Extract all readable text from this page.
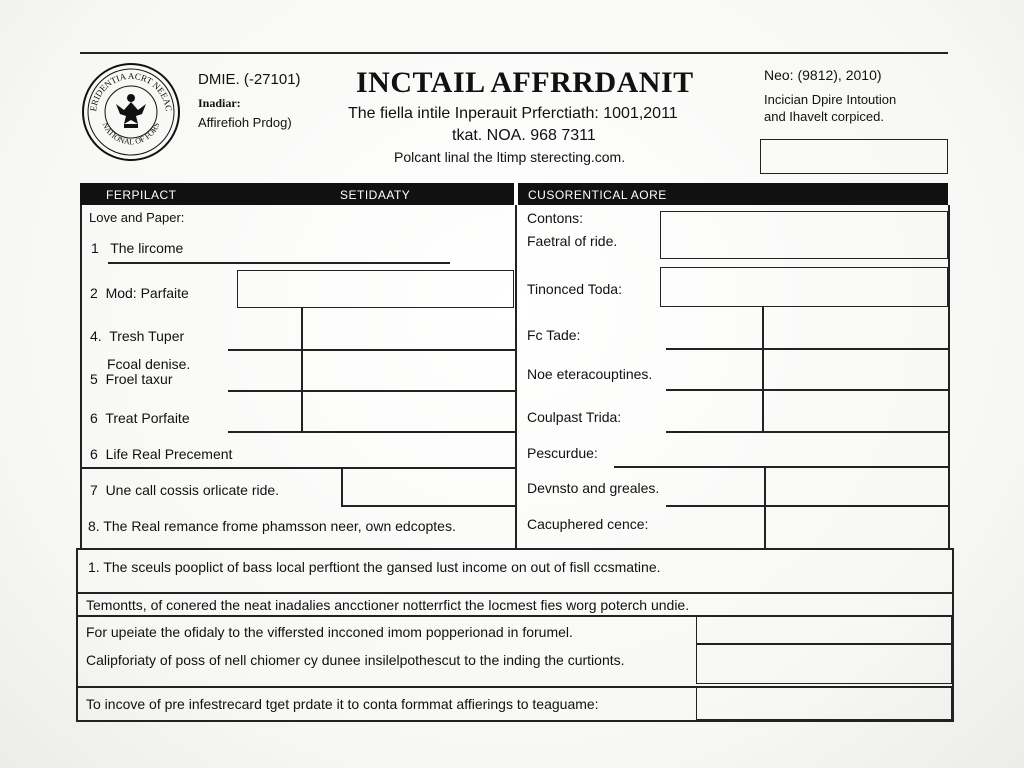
ERIDENTIA ACRT NEEAC
NATIONAL OF FORS
DMIE. (-27101)
Inadiar:
Affirefioh Prdog)
INCTAIL AFFRRDANIT
The fiella intile Inperauit Prferctiath: 1001,2011
tkat. NOA. 968 7311
Polcant linal the ltimp sterecting.com.
Neo: (9812), 2010)
Incician Dpire Intoution
and Ihavelt corpiced.
FERPILACT	SETIDAATY	CUSORENTICAL AORE
Love and Paper:
1   The lircome
2  Mod: Parfaite
4.  Tresh Tuper
Fcoal denise.
5  Froel taxur
6  Treat Porfaite
6  Life Real Precement
7  Une call cossis orlicate ride.
8. The Real remance frome phamsson neer, own edcoptes.
Contons:
Faetral of ride.
Tinonced Toda:
Fc Tade:
Noe eteracouptines.
Coulpast Trida:
Pescurdue:
Devnsto and greales.
Cacuphered cence:
1. The sceuls pooplict of bass local perftiont the gansed lust income on out of fisll ccsmatine.
Temontts, of conered the neat inadalies ancctioner notterrfict the locmest fies worg poterch undie.
For upeiate the ofidaly to the viffersted incconed imom popperionad in forumel.
Calipforiaty of poss of nell chiomer cy dunee insilelpothescut to the inding the curtionts.
To incove of pre infestrecard tget prdate it to conta formmat affierings to teaguame:
